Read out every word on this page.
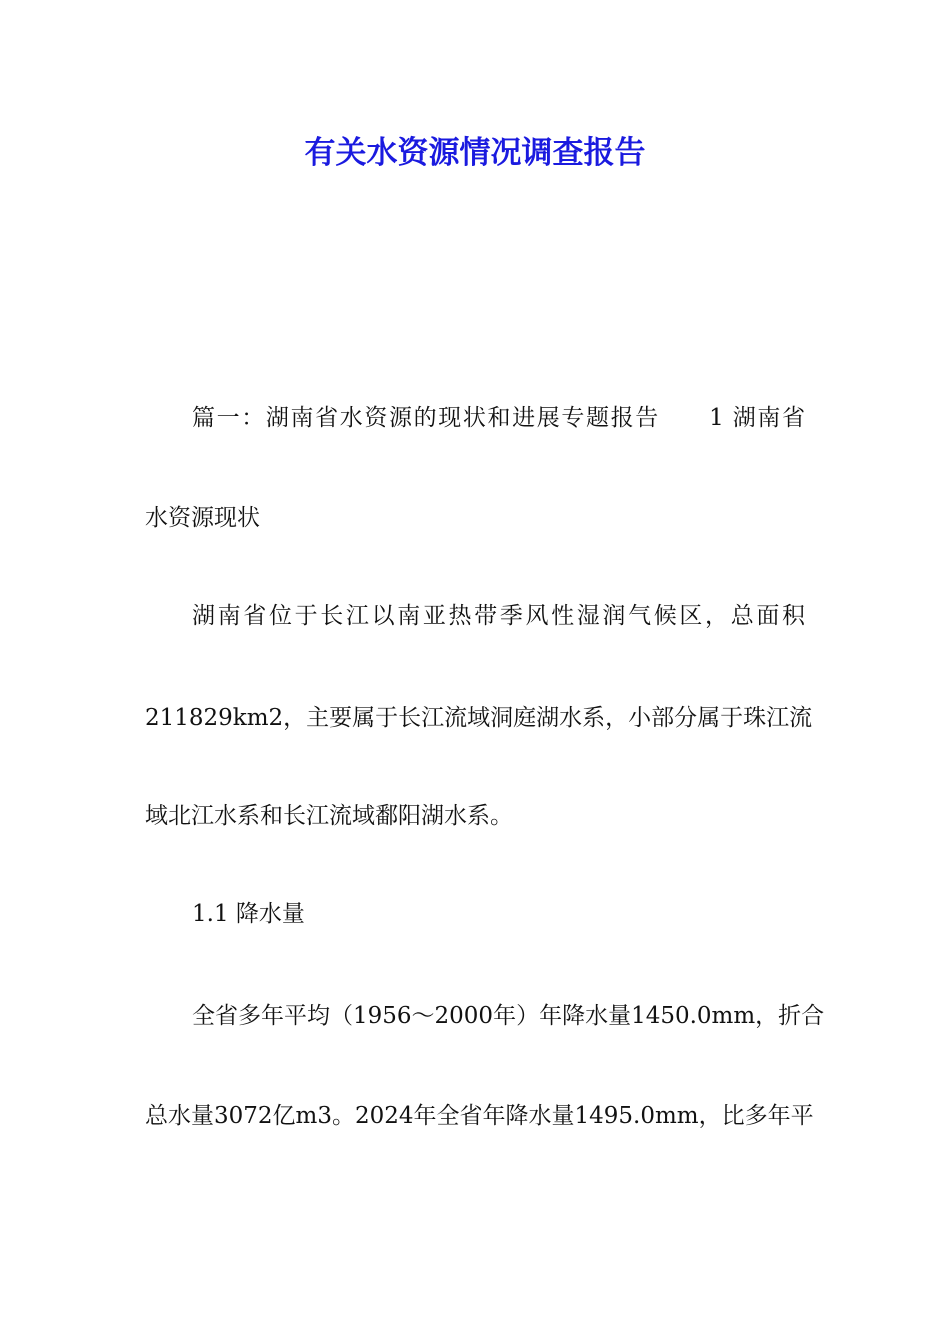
有关水资源情况调查报告

篇一：湖南省水资源的现状和进展专题报告　　1 湖南省

水资源现状

湖南省位于长江以南亚热带季风性湿润气候区，总面积

211829km2，主要属于长江流域洞庭湖水系，小部分属于珠江流

域北江水系和长江流域鄱阳湖水系。

1.1 降水量

全省多年平均（1956～2000年）年降水量1450.0mm，折合

总水量3072亿m3。2024年全省年降水量1495.0mm，比多年平
